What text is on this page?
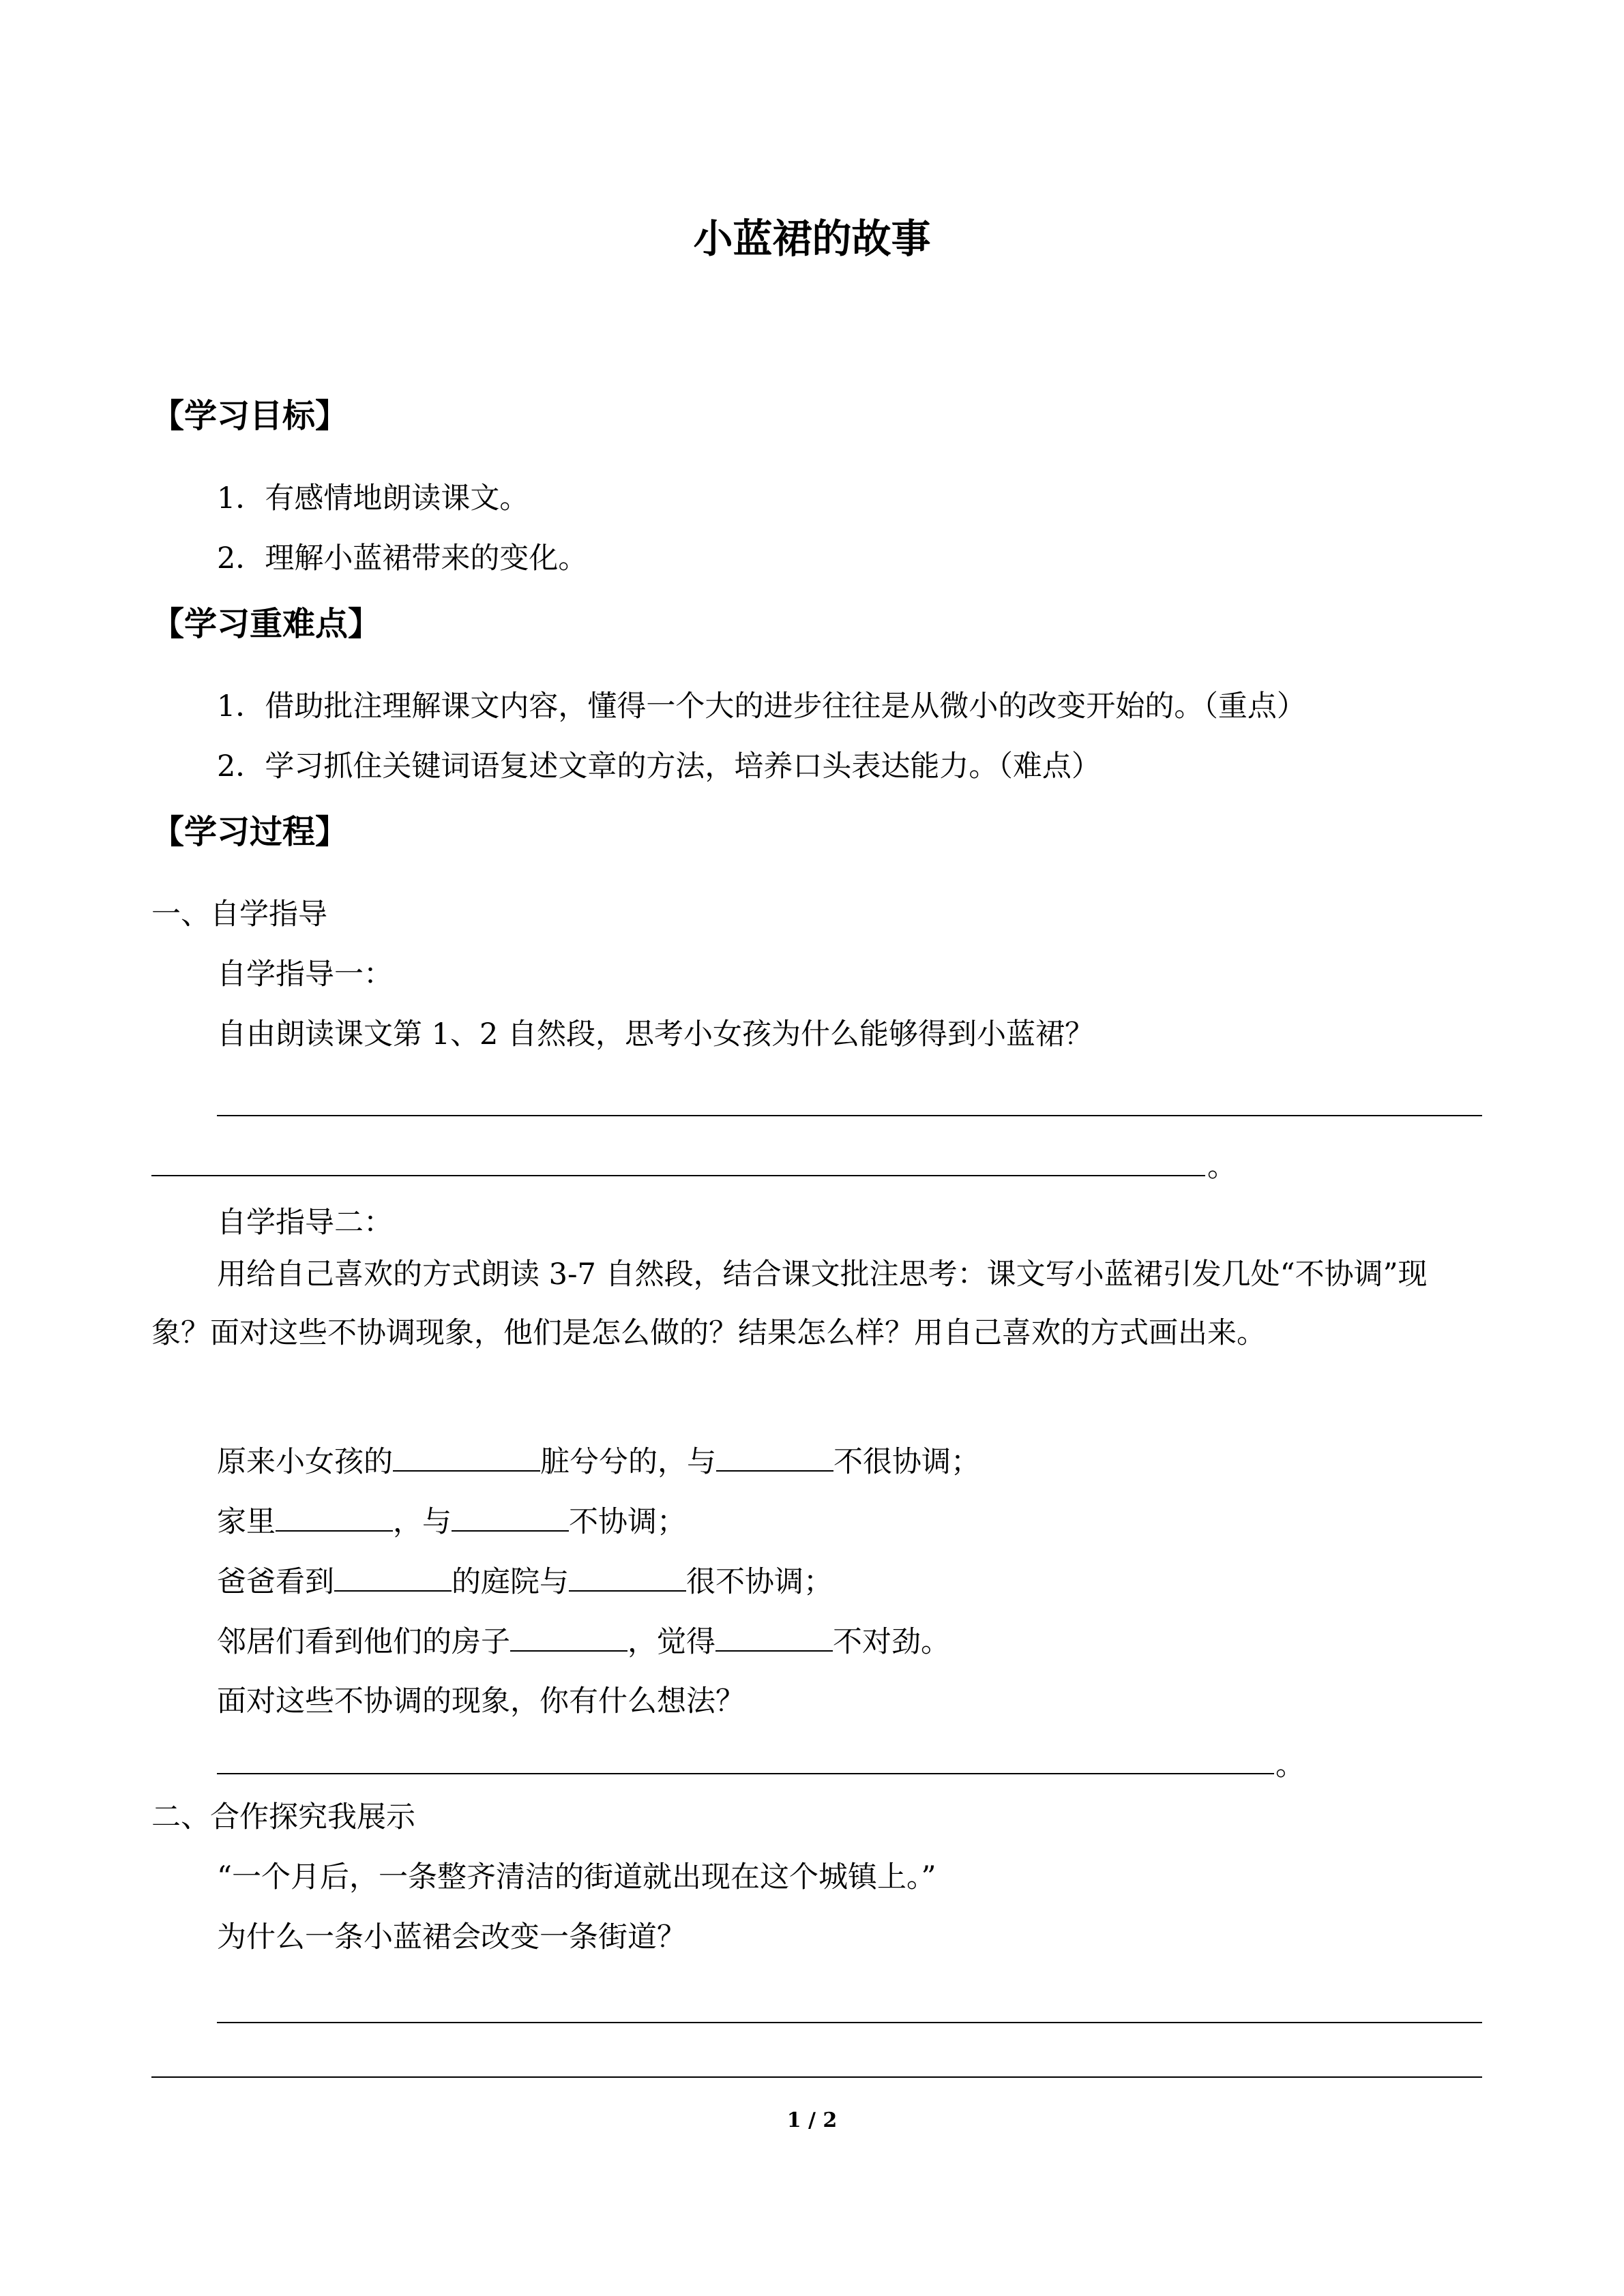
小蓝裙的故事
【学习目标】
1．有感情地朗读课文。
2．理解小蓝裙带来的变化。
【学习重难点】
1．借助批注理解课文内容，懂得一个大的进步往往是从微小的改变开始的。（重点）
2．学习抓住关键词语复述文章的方法，培养口头表达能力。（难点）
【学习过程】
一、自学指导
自学指导一：
自由朗读课文第 1、2 自然段，思考小女孩为什么能够得到小蓝裙？
。
自学指导二：
用给自己喜欢的方式朗读 3-7 自然段，结合课文批注思考：课文写小蓝裙引发几处“不协调”现象？面对这些不协调现象，他们是怎么做的？结果怎么样？用自己喜欢的方式画出来。
原来小女孩的	脏兮兮的，与	不很协调；
家里	，与	不协调；
爸爸看到	的庭院与	很不协调；
邻居们看到他们的房子	，觉得	不对劲。
面对这些不协调的现象，你有什么想法？
。
二、合作探究我展示
“一个月后，一条整齐清洁的街道就出现在这个城镇上。”
为什么一条小蓝裙会改变一条街道？
1 / 2
